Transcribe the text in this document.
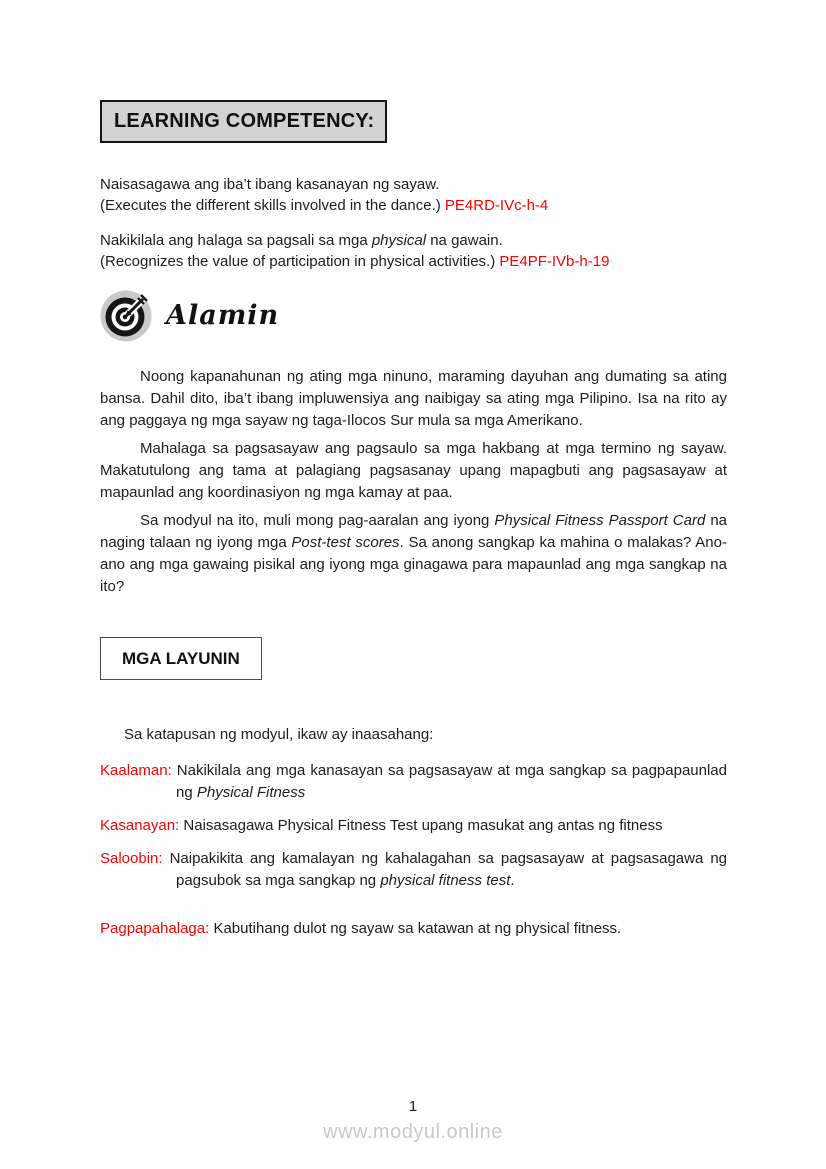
LEARNING COMPETENCY:

Naisasagawa ang iba’t ibang kasanayan ng sayaw.

(Executes the different skills involved in the dance.) PE4RD-IVc-h-4

Nakikilala ang halaga sa pagsali sa mga physical na gawain.

(Recognizes the value of participation in physical activities.) PE4PF-IVb-h-19

Alamin

Noong kapanahunan ng ating mga ninuno, maraming dayuhan ang dumating sa ating bansa. Dahil dito, iba’t ibang impluwensiya ang naibigay sa ating mga Pilipino. Isa na rito ay ang paggaya ng mga sayaw ng taga-Ilocos Sur mula sa mga Amerikano.

Mahalaga sa pagsasayaw ang pagsaulo sa mga hakbang at mga termino ng sayaw. Makatutulong ang tama at palagiang pagsasanay upang mapagbuti ang pagsasayaw at mapaunlad ang koordinasiyon ng mga kamay at paa.

Sa modyul na ito, muli mong pag-aaralan ang iyong Physical Fitness Passport Card na naging talaan ng iyong mga Post-test scores. Sa anong sangkap ka mahina o malakas? Ano-ano ang mga gawaing pisikal ang iyong mga ginagawa para mapaunlad ang mga sangkap na ito?

MGA LAYUNIN

Sa katapusan ng modyul, ikaw ay inaasahang:

Kaalaman: Nakikilala ang mga kanasayan sa pagsasayaw at mga sangkap sa pagpapaunlad ng Physical Fitness

Kasanayan: Naisasagawa Physical Fitness Test upang masukat ang antas ng fitness

Saloobin: Naipakikita ang kamalayan ng kahalagahan sa pagsasayaw at pagsasagawa ng pagsubok sa mga sangkap ng physical fitness test.

Pagpapahalaga: Kabutihang dulot ng sayaw sa katawan at ng physical fitness.

1
www.modyul.online
